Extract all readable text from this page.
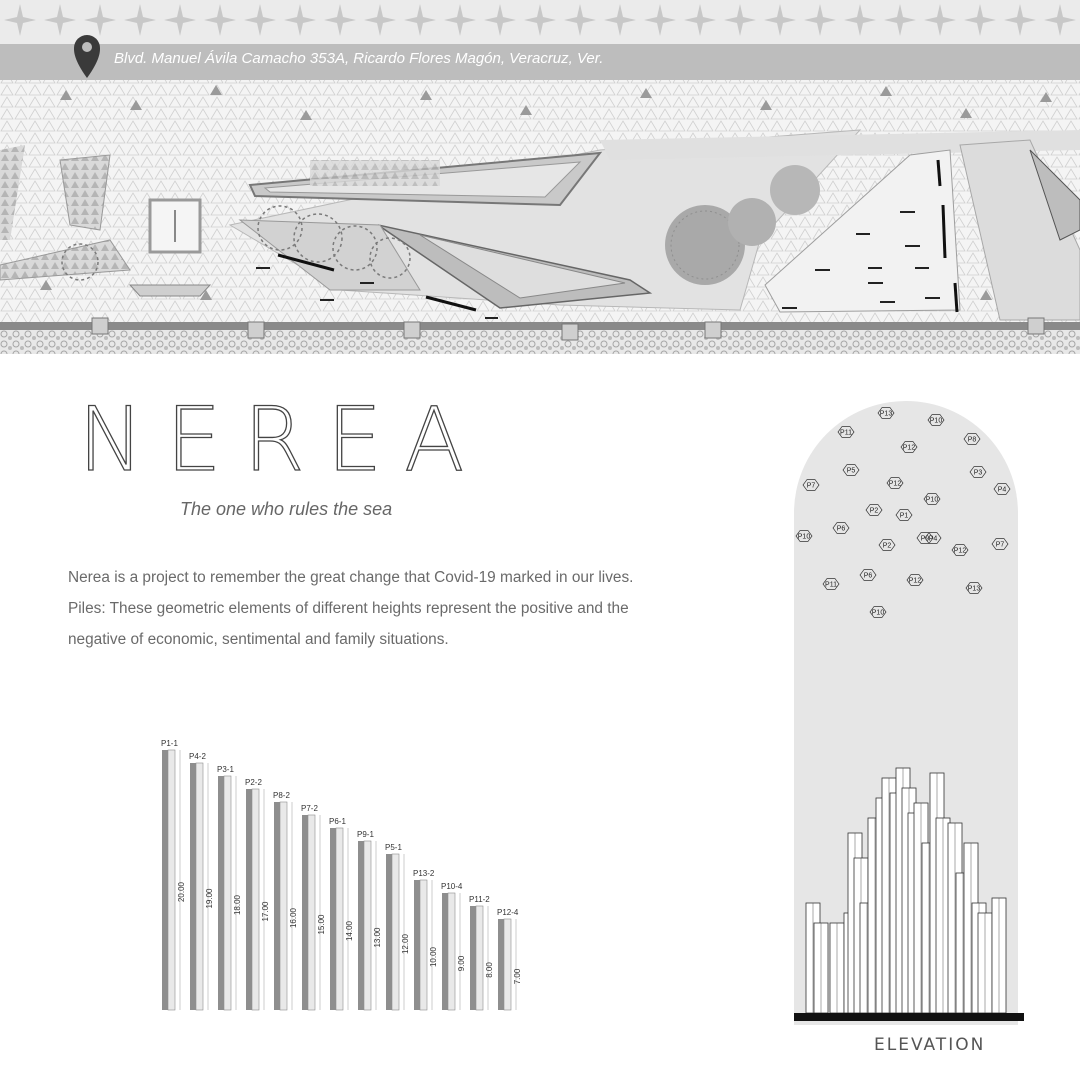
Blvd. Manuel Ávila Camacho 353A, Ricardo Flores Magón, Veracruz, Ver.
NEREA
The one who rules the sea

Nerea is a project to remember the great change that Covid-19 marked in our lives.

Piles: These geometric elements of different heights represent the positive and the

negative of economic, sentimental and family situations.

P1-1
20.00
P4-2
19.00
P3-1
18.00
P2-2
17.00
P8-2
16.00
P7-2
15.00
P6-1
14.00
P9-1
13.00
P5-1
12.00
P13-2
10.00
P10-4
9.00
P11-2
8.00
P12-4
7.00
P13
P10
P11
P8
P12
P5	P3
P7	P12
P4
P10
P2
P1
P6
P10	P4
P2
P9
P12
P7
P6
P12
P11
P13
P10
ELEVATION
